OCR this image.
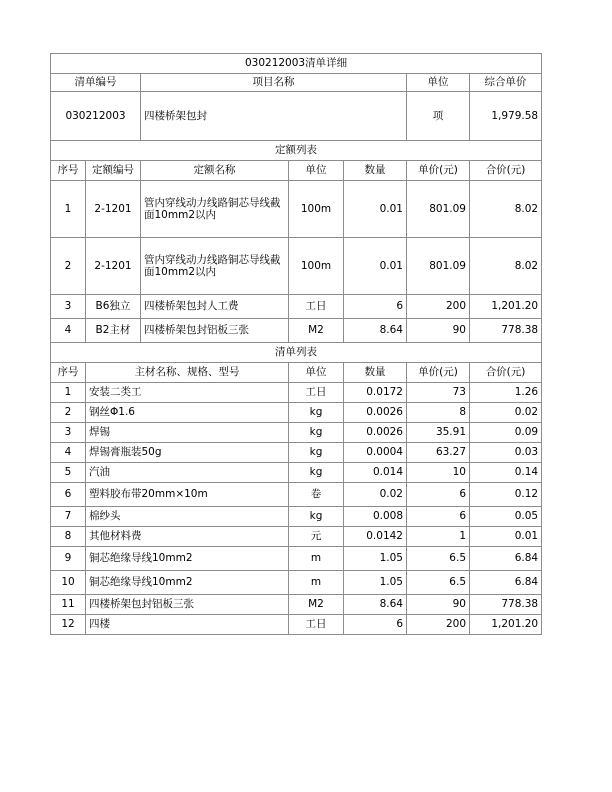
030212003清单详细						
清单编号		项目名称			单位	综合单价
030212003		四楼桥架包封			项	1,979.58
定额列表						
序号	定额编号	定额名称	单位	数量	单价(元)	合价(元)
1	2-1201	管内穿线动力线路铜芯导线截面10mm2以内	100m	0.01	801.09	8.02
2	2-1201	管内穿线动力线路铜芯导线截面10mm2以内	100m	0.01	801.09	8.02
3	B6独立	四楼桥架包封人工费	工日	6	200	1,201.20
4	B2主材	四楼桥架包封铝板三张	M2	8.64	90	778.38
清单列表						
序号	主材名称、规格、型号		单位	数量	单价(元)	合价(元)
1	安装二类工		工日	0.0172	73	1.26
2	钢丝Φ1.6		kg	0.0026	8	0.02
3	焊锡		kg	0.0026	35.91	0.09
4	焊锡膏瓶装50g		kg	0.0004	63.27	0.03
5	汽油		kg	0.014	10	0.14
6	塑料胶布带20mm×10m		卷	0.02	6	0.12
7	棉纱头		kg	0.008	6	0.05
8	其他材料费		元	0.0142	1	0.01
9	铜芯绝缘导线10mm2		m	1.05	6.5	6.84
10	铜芯绝缘导线10mm2		m	1.05	6.5	6.84
11	四楼桥架包封铝板三张		M2	8.64	90	778.38
12	四楼		工日	6	200	1,201.20
